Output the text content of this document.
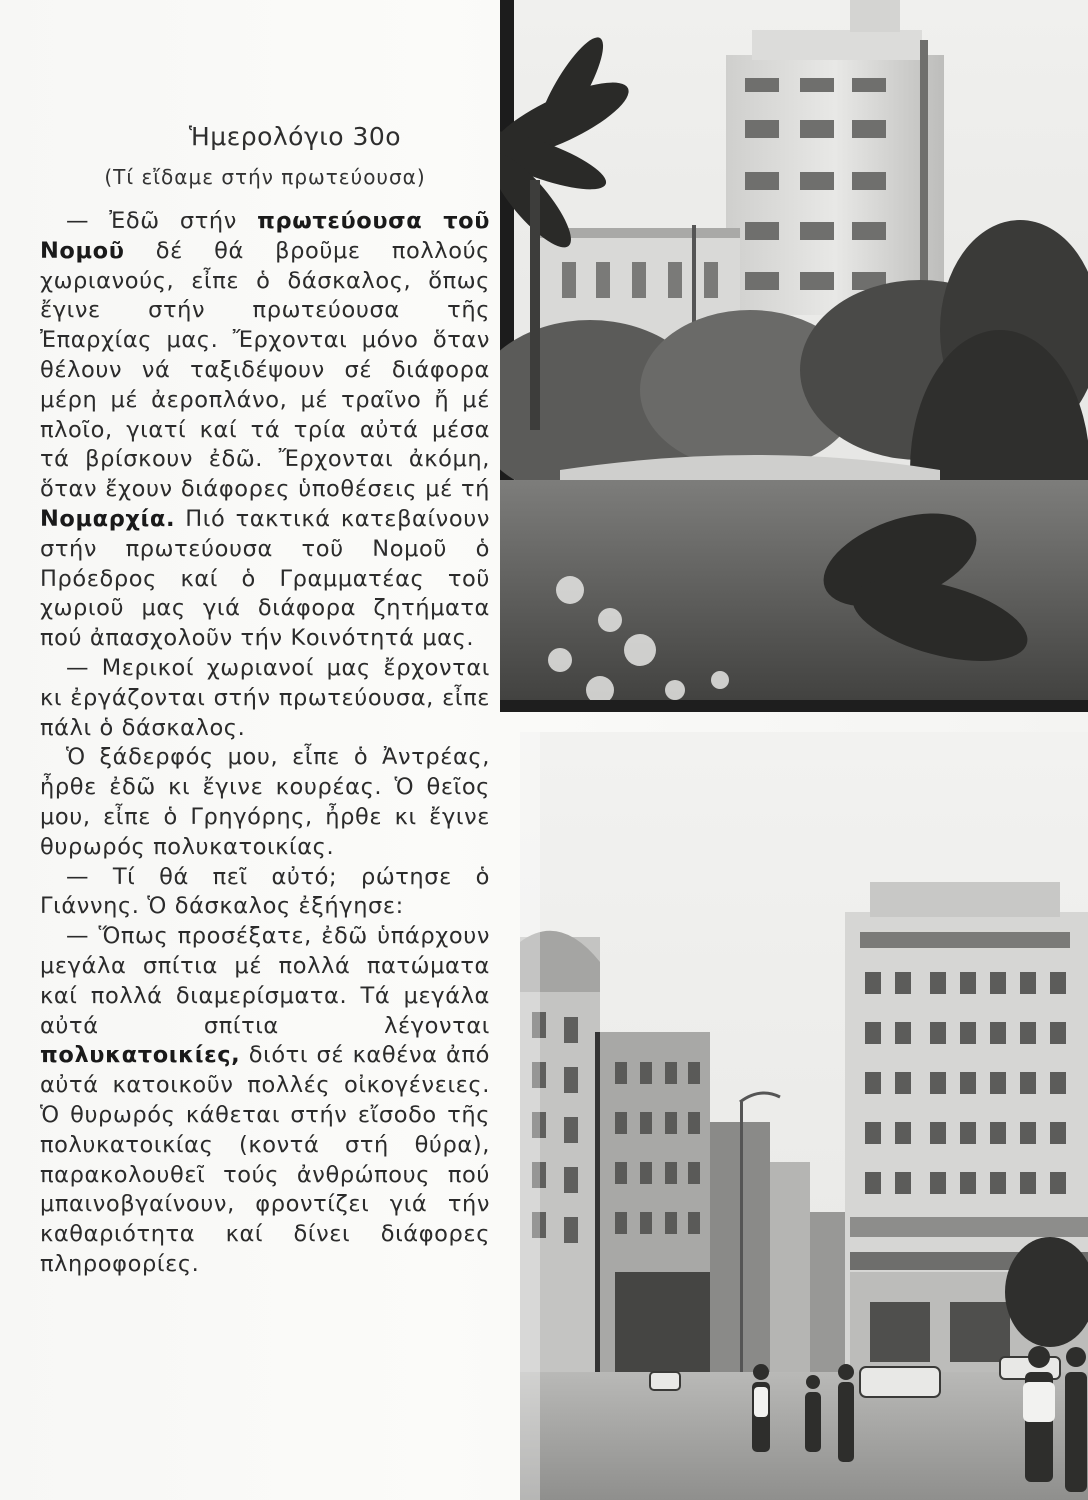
Ἡμερολόγιο 30ο
(Τί εἴδαμε στήν πρωτεύουσα)

— Ἐδῶ στήν πρωτεύουσα τοῦ Νομοῦ δέ θά βροῦμε πολλούς χωριανούς, εἶπε ὁ δάσκαλος, ὅπως ἔγινε στήν πρωτεύουσα τῆς Ἐπαρχίας μας. Ἔρχονται μόνο ὅταν θέλουν νά ταξιδέψουν σέ διάφορα μέρη μέ ἀεροπλάνο, μέ τραῖνο ἤ μέ πλοῖο, γιατί καί τά τρία αὐτά μέσα τά βρίσκουν ἐδῶ. Ἔρχονται ἀκόμη, ὅταν ἔχουν διάφορες ὑποθέσεις μέ τή Νομαρχία. Πιό τακτικά κατεβαίνουν στήν πρωτεύουσα τοῦ Νομοῦ ὁ Πρόεδρος καί ὁ Γραμματέας τοῦ χωριοῦ μας γιά διάφορα ζητήματα πού ἀπασχολοῦν τήν Κοινότητά μας.

— Μερικοί χωριανοί μας ἔρχονται κι ἐργάζονται στήν πρωτεύουσα, εἶπε πάλι ὁ δάσκαλος.

Ὁ ξάδερφός μου, εἶπε ὁ Ἀντρέας, ἦρθε ἐδῶ κι ἔγινε κουρέας. Ὁ θεῖος μου, εἶπε ὁ Γρηγόρης, ἦρθε κι ἔγινε θυρωρός πολυκατοικίας.

— Τί θά πεῖ αὐτό; ρώτησε ὁ Γιάννης. Ὁ δάσκαλος ἐξήγησε:

— Ὅπως προσέξατε, ἐδῶ ὑπάρχουν μεγάλα σπίτια μέ πολλά πατώματα καί πολλά διαμερίσματα. Τά μεγάλα αὐτά σπίτια λέγονται πολυκατοικίες, διότι σέ καθένα ἀπό αὐτά κατοικοῦν πολλές οἰκογένειες. Ὁ θυρωρός κάθεται στήν εἴσοδο τῆς πολυκατοικίας (κοντά στή θύρα), παρακολουθεῖ τούς ἀνθρώπους πού μπαινοβγαίνουν, φροντίζει γιά τήν καθαριότητα καί δίνει διάφορες πληροφορίες.
